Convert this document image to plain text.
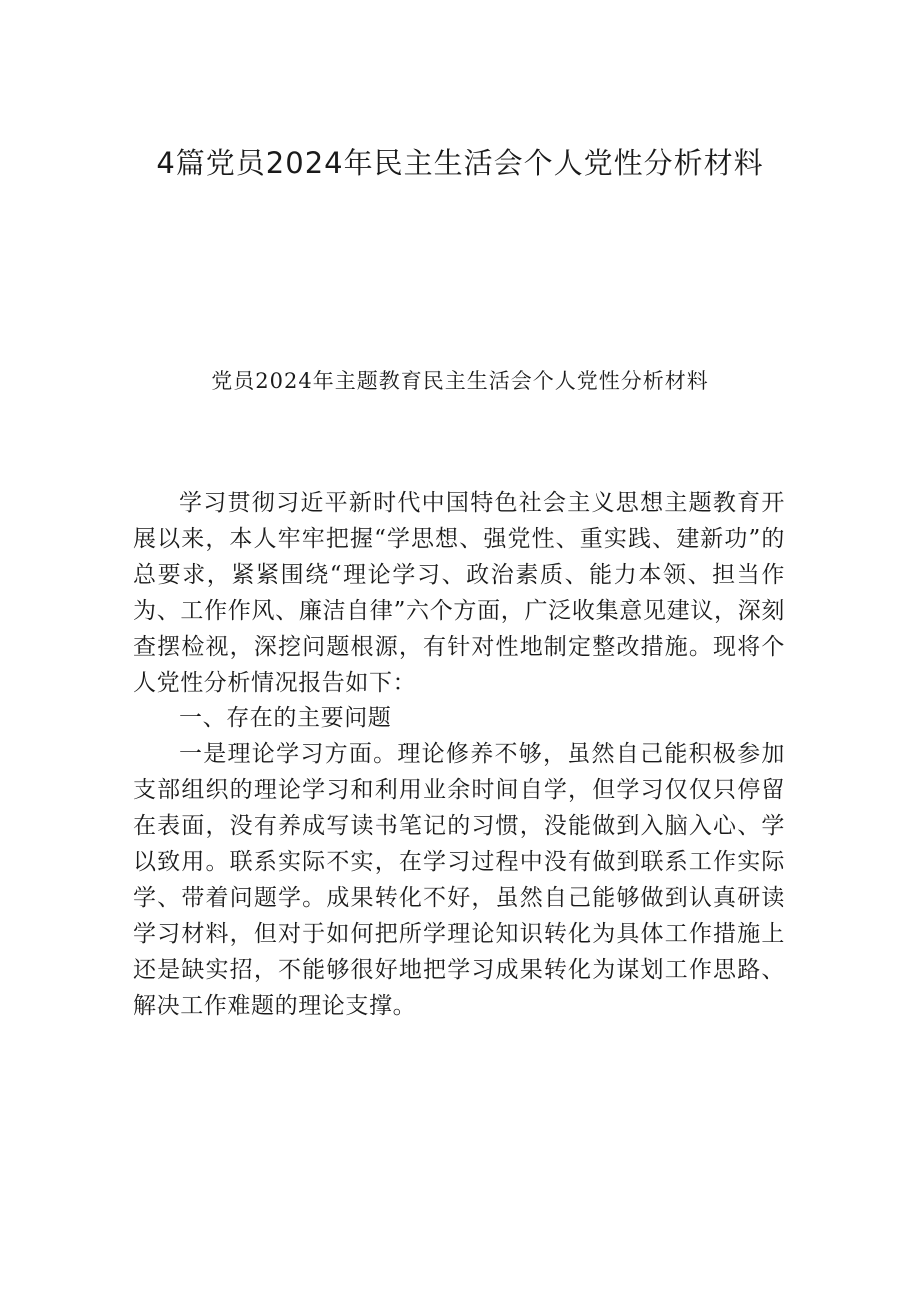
4篇党员2024年民主生活会个人党性分析材料
党员2024年主题教育民主生活会个人党性分析材料

学习贯彻习近平新时代中国特色社会主义思想主题教育开展以来，本人牢牢把握“学思想、强党性、重实践、建新功”的总要求，紧紧围绕“理论学习、政治素质、能力本领、担当作为、工作作风、廉洁自律”六个方面，广泛收集意见建议，深刻查摆检视，深挖问题根源，有针对性地制定整改措施。现将个人党性分析情况报告如下：

一、存在的主要问题

一是理论学习方面。理论修养不够，虽然自己能积极参加支部组织的理论学习和利用业余时间自学，但学习仅仅只停留在表面，没有养成写读书笔记的习惯，没能做到入脑入心、学以致用。联系实际不实，在学习过程中没有做到联系工作实际学、带着问题学。成果转化不好，虽然自己能够做到认真研读学习材料，但对于如何把所学理论知识转化为具体工作措施上还是缺实招，不能够很好地把学习成果转化为谋划工作思路、解决工作难题的理论支撑。
